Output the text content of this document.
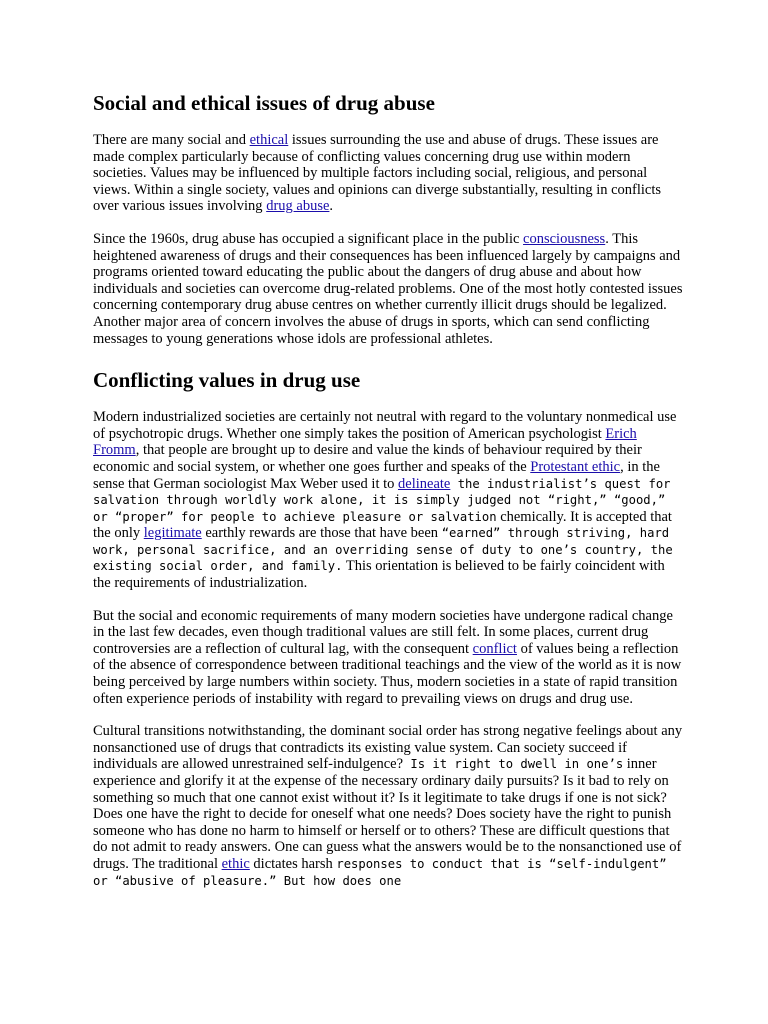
Social and ethical issues of drug abuse

There are many social and ethical issues surrounding the use and abuse of drugs. These issues are made complex particularly because of conflicting values concerning drug use within modern societies. Values may be influenced by multiple factors including social, religious, and personal views. Within a single society, values and opinions can diverge substantially, resulting in conflicts over various issues involving drug abuse.

Since the 1960s, drug abuse has occupied a significant place in the public consciousness. This heightened awareness of drugs and their consequences has been influenced largely by campaigns and programs oriented toward educating the public about the dangers of drug abuse and about how individuals and societies can overcome drug-related problems. One of the most hotly contested issues concerning contemporary drug abuse centres on whether currently illicit drugs should be legalized. Another major area of concern involves the abuse of drugs in sports, which can send conflicting messages to young generations whose idols are professional athletes.

Conflicting values in drug use

Modern industrialized societies are certainly not neutral with regard to the voluntary nonmedical use of psychotropic drugs. Whether one simply takes the position of American psychologist Erich Fromm, that people are brought up to desire and value the kinds of behaviour required by their economic and social system, or whether one goes further and speaks of the Protestant ethic, in the sense that German sociologist Max Weber used it to delineate the industrialist’s quest for salvation through worldly work alone, it is simply judged not “right,” “good,” or “proper” for people to achieve pleasure or salvation chemically. It is accepted that the only legitimate earthly rewards are those that have been “earned” through striving, hard work, personal sacrifice, and an overriding sense of duty to one’s country, the existing social order, and family. This orientation is believed to be fairly coincident with the requirements of industrialization.

But the social and economic requirements of many modern societies have undergone radical change in the last few decades, even though traditional values are still felt. In some places, current drug controversies are a reflection of cultural lag, with the consequent conflict of values being a reflection of the absence of correspondence between traditional teachings and the view of the world as it is now being perceived by large numbers within society. Thus, modern societies in a state of rapid transition often experience periods of instability with regard to prevailing views on drugs and drug use.

Cultural transitions notwithstanding, the dominant social order has strong negative feelings about any nonsanctioned use of drugs that contradicts its existing value system. Can society succeed if individuals are allowed unrestrained self-indulgence? Is it right to dwell in one’s inner experience and glorify it at the expense of the necessary ordinary daily pursuits? Is it bad to rely on something so much that one cannot exist without it? Is it legitimate to take drugs if one is not sick? Does one have the right to decide for oneself what one needs? Does society have the right to punish someone who has done no harm to himself or herself or to others? These are difficult questions that do not admit to ready answers. One can guess what the answers would be to the nonsanctioned use of drugs. The traditional ethic dictates harsh responses to conduct that is “self-indulgent” or “abusive of pleasure.” But how does one
